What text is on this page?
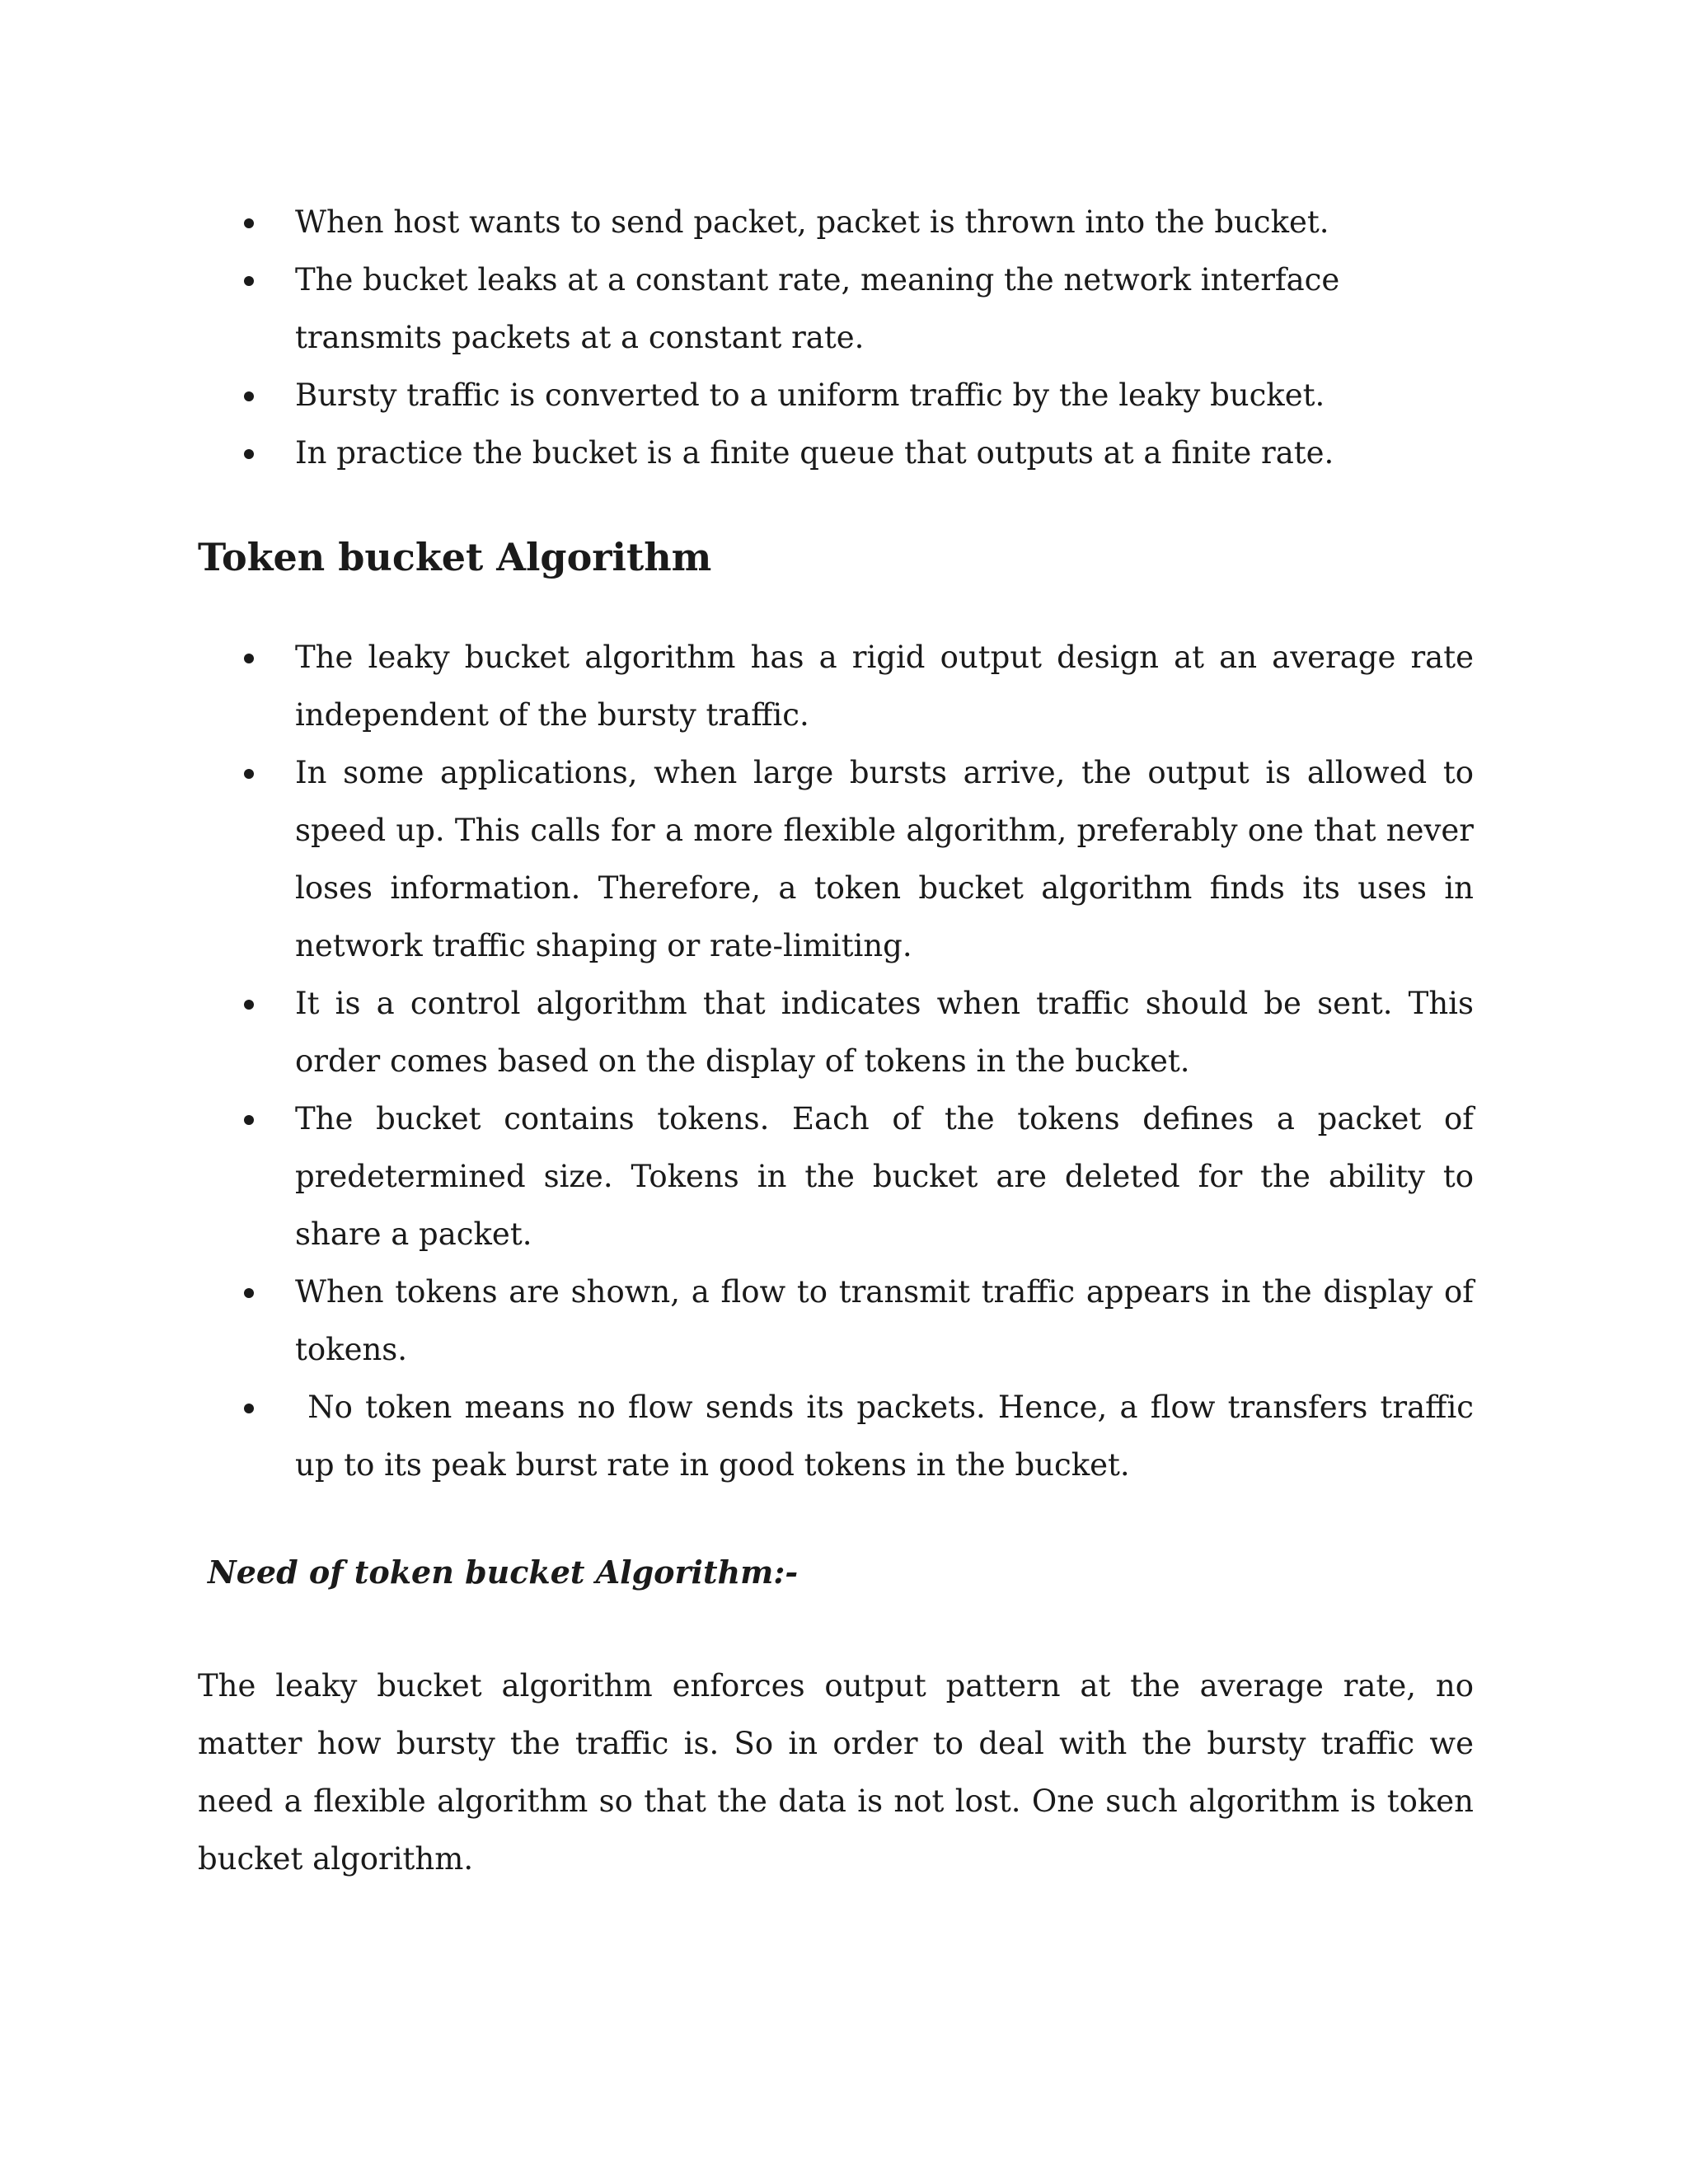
When host wants to send packet, packet is thrown into the bucket.
The bucket leaks at a constant rate, meaning the network interface transmits packets at a constant rate.
Bursty traffic is converted to a uniform traffic by the leaky bucket.
In practice the bucket is a finite queue that outputs at a finite rate.
Token bucket Algorithm
The leaky bucket algorithm has a rigid output design at an average rate independent of the bursty traffic.
In some applications, when large bursts arrive, the output is allowed to speed up. This calls for a more flexible algorithm, preferably one that never loses information. Therefore, a token bucket algorithm finds its uses in network traffic shaping or rate-limiting.
It is a control algorithm that indicates when traffic should be sent. This order comes based on the display of tokens in the bucket.
The bucket contains tokens. Each of the tokens defines a packet of predetermined size. Tokens in the bucket are deleted for the ability to share a packet.
When tokens are shown, a flow to transmit traffic appears in the display of tokens.
No token means no flow sends its packets. Hence, a flow transfers traffic up to its peak burst rate in good tokens in the bucket.
Need of token bucket Algorithm:-

The leaky bucket algorithm enforces output pattern at the average rate, no matter how bursty the traffic is. So in order to deal with the bursty traffic we need a flexible algorithm so that the data is not lost. One such algorithm is token bucket algorithm.
